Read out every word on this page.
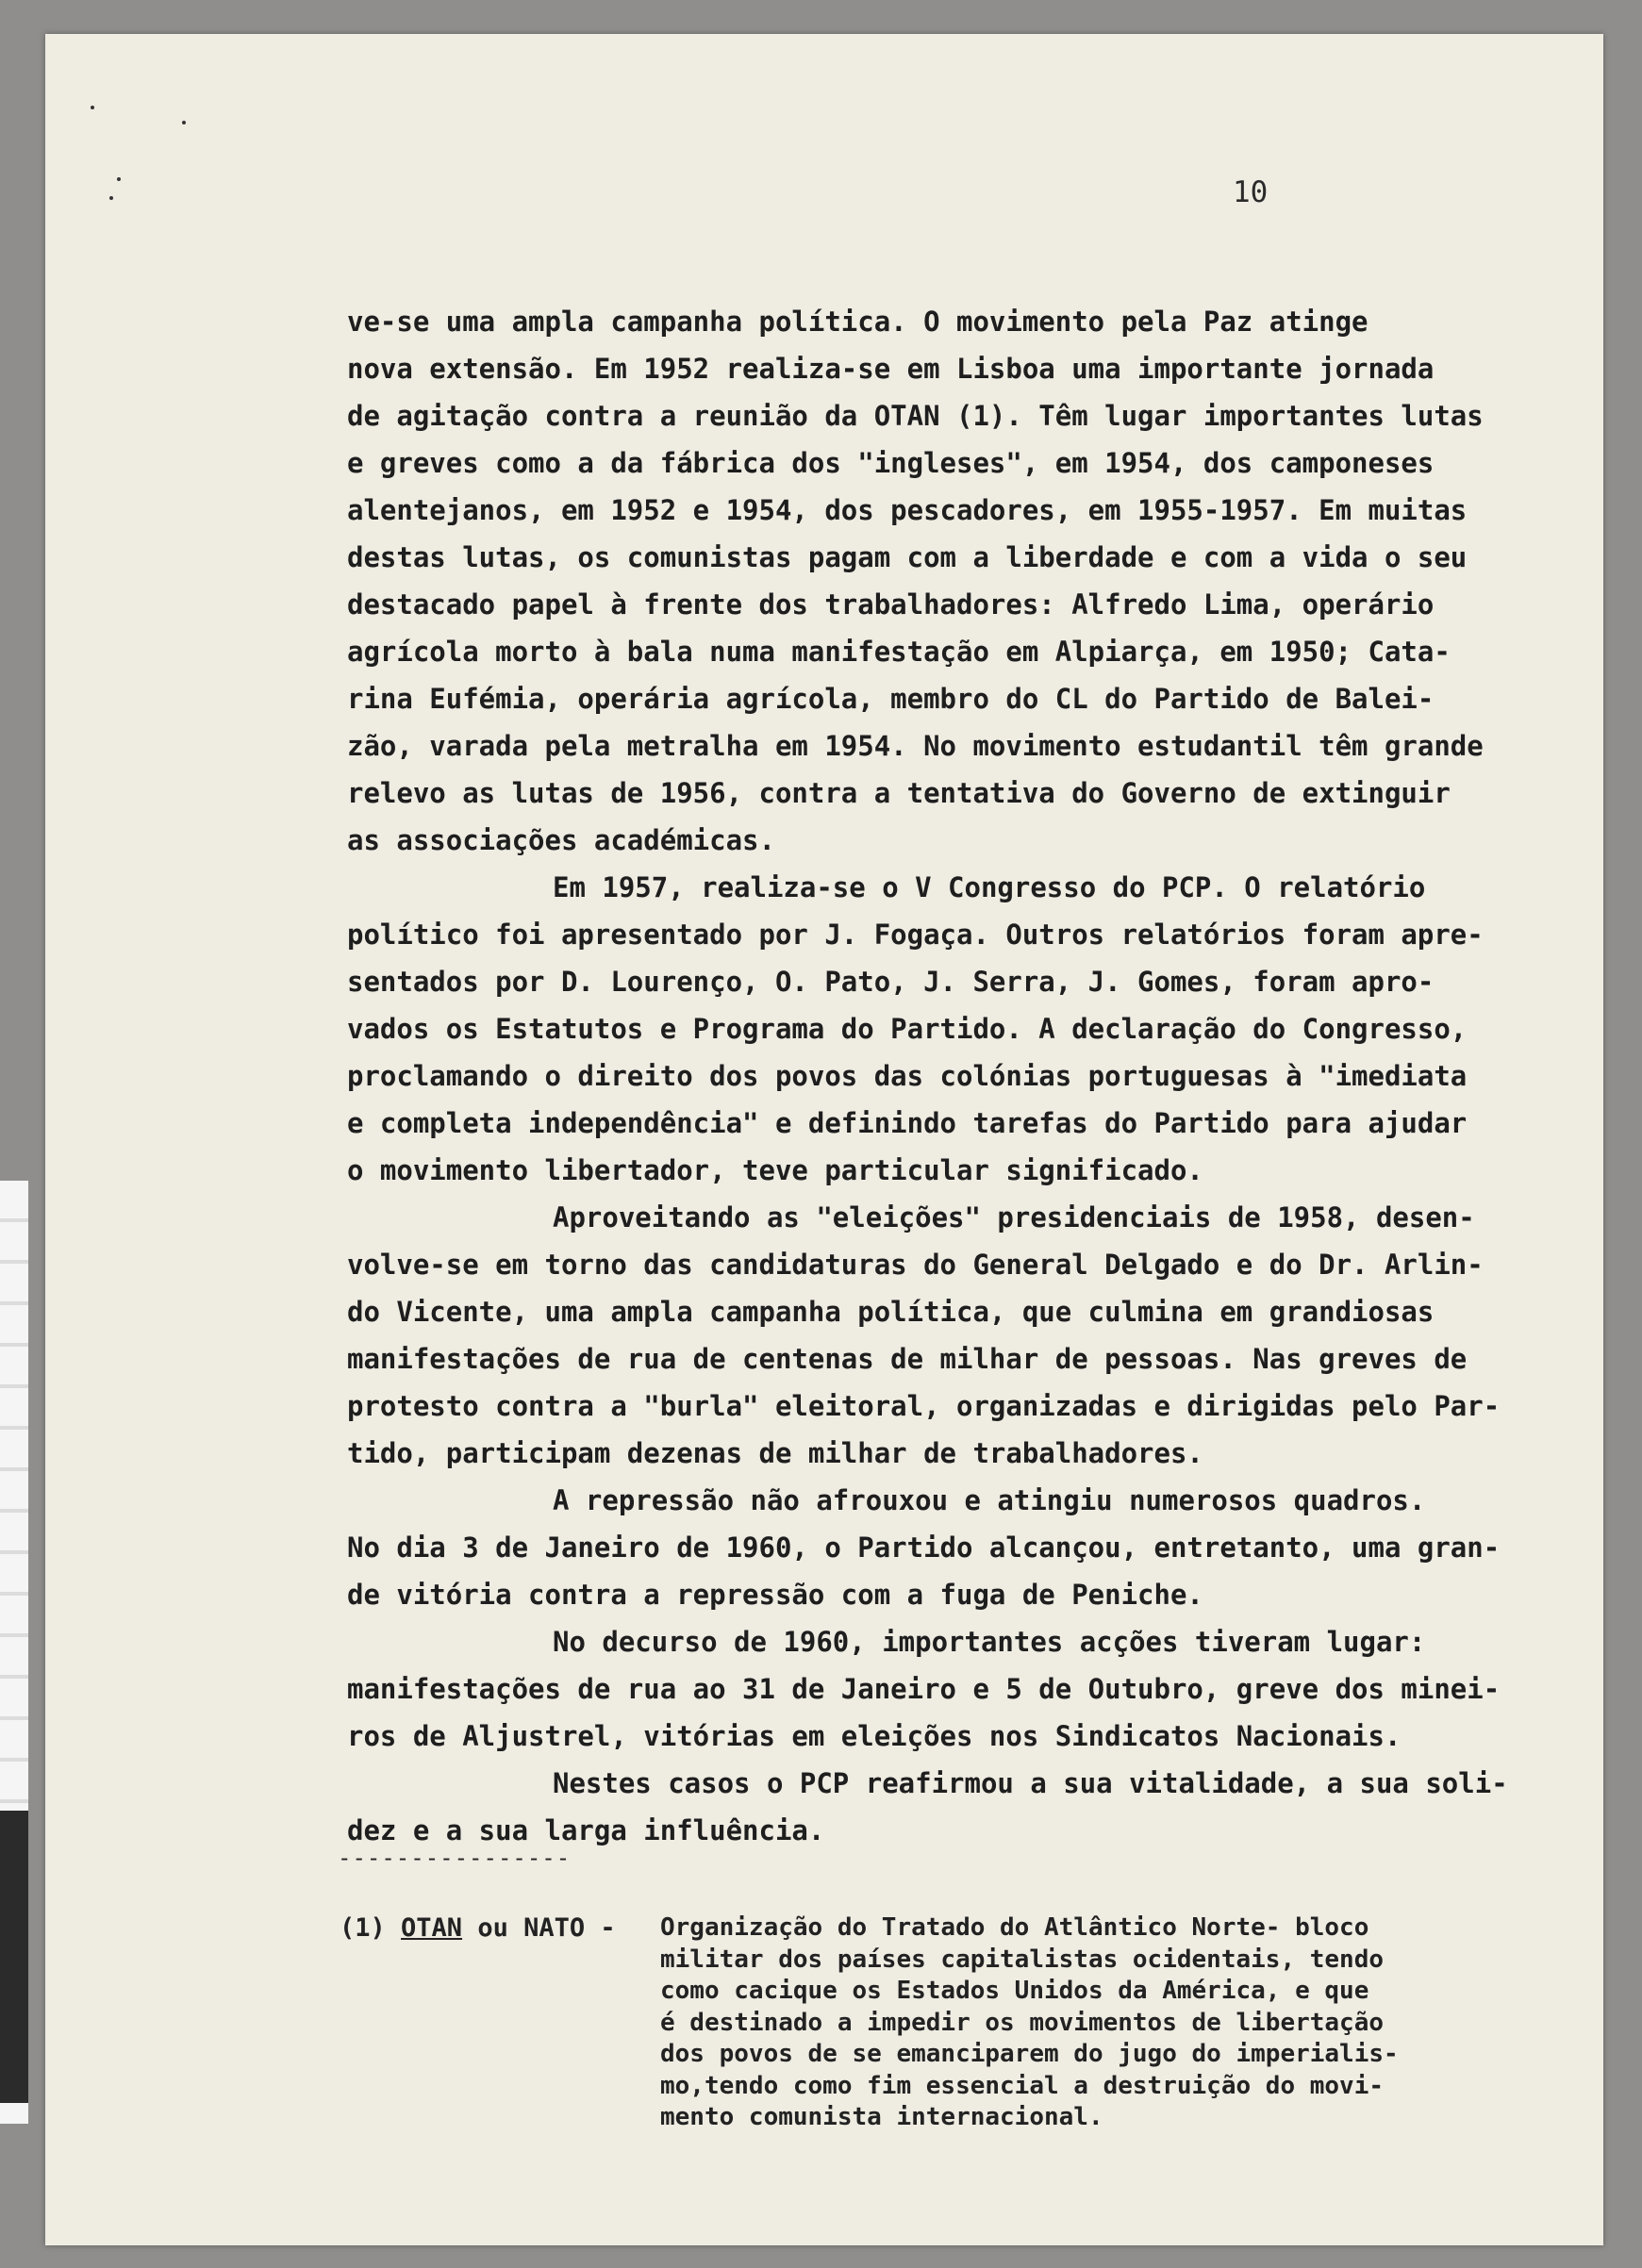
10
ve-se uma ampla campanha política. O movimento pela Paz atinge
nova extensão. Em 1952 realiza-se em Lisboa uma importante jornada
de agitação contra a reunião da OTAN (1). Têm lugar importantes lutas
e greves como a da fábrica dos "ingleses", em 1954, dos camponeses
alentejanos, em 1952 e 1954, dos pescadores, em 1955-1957. Em muitas
destas lutas, os comunistas pagam com a liberdade e com a vida o seu
destacado papel à frente dos trabalhadores: Alfredo Lima, operário
agrícola morto à bala numa manifestação em Alpiarça, em 1950; Cata-
rina Eufémia, operária agrícola, membro do CL do Partido de Balei-
zão, varada pela metralha em 1954. No movimento estudantil têm grande
relevo as lutas de 1956, contra a tentativa do Governo de extinguir
as associações académicas.
Em 1957, realiza-se o V Congresso do PCP. O relatório
político foi apresentado por J. Fogaça. Outros relatórios foram apre-
sentados por D. Lourenço, O. Pato, J. Serra, J. Gomes, foram apro-
vados os Estatutos e Programa do Partido. A declaração do Congresso,
proclamando o direito dos povos das colónias portuguesas à "imediata
e completa independência" e definindo tarefas do Partido para ajudar
o movimento libertador, teve particular significado.
Aproveitando as "eleições" presidenciais de 1958, desen-
volve-se em torno das candidaturas do General Delgado e do Dr. Arlin-
do Vicente, uma ampla campanha política, que culmina em grandiosas
manifestações de rua de centenas de milhar de pessoas. Nas greves de
protesto contra a "burla" eleitoral, organizadas e dirigidas pelo Par-
tido, participam dezenas de milhar de trabalhadores.
A repressão não afrouxou e atingiu numerosos quadros.
No dia 3 de Janeiro de 1960, o Partido alcançou, entretanto, uma gran-
de vitória contra a repressão com a fuga de Peniche.
No decurso de 1960, importantes acções tiveram lugar:
manifestações de rua ao 31 de Janeiro e 5 de Outubro, greve dos minei-
ros de Aljustrel, vitórias em eleições nos Sindicatos Nacionais.
Nestes casos o PCP reafirmou a sua vitalidade, a sua soli-
dez e a sua larga influência.
----------------
(1) OTAN ou NATO -	Organização do Tratado do Atlântico Norte- bloco
militar dos países capitalistas ocidentais, tendo
como cacique os Estados Unidos da América, e que
é destinado a impedir os movimentos de libertação
dos povos de se emanciparem do jugo do imperialis-
mo,tendo como fim essencial a destruição do movi-
mento comunista internacional.
